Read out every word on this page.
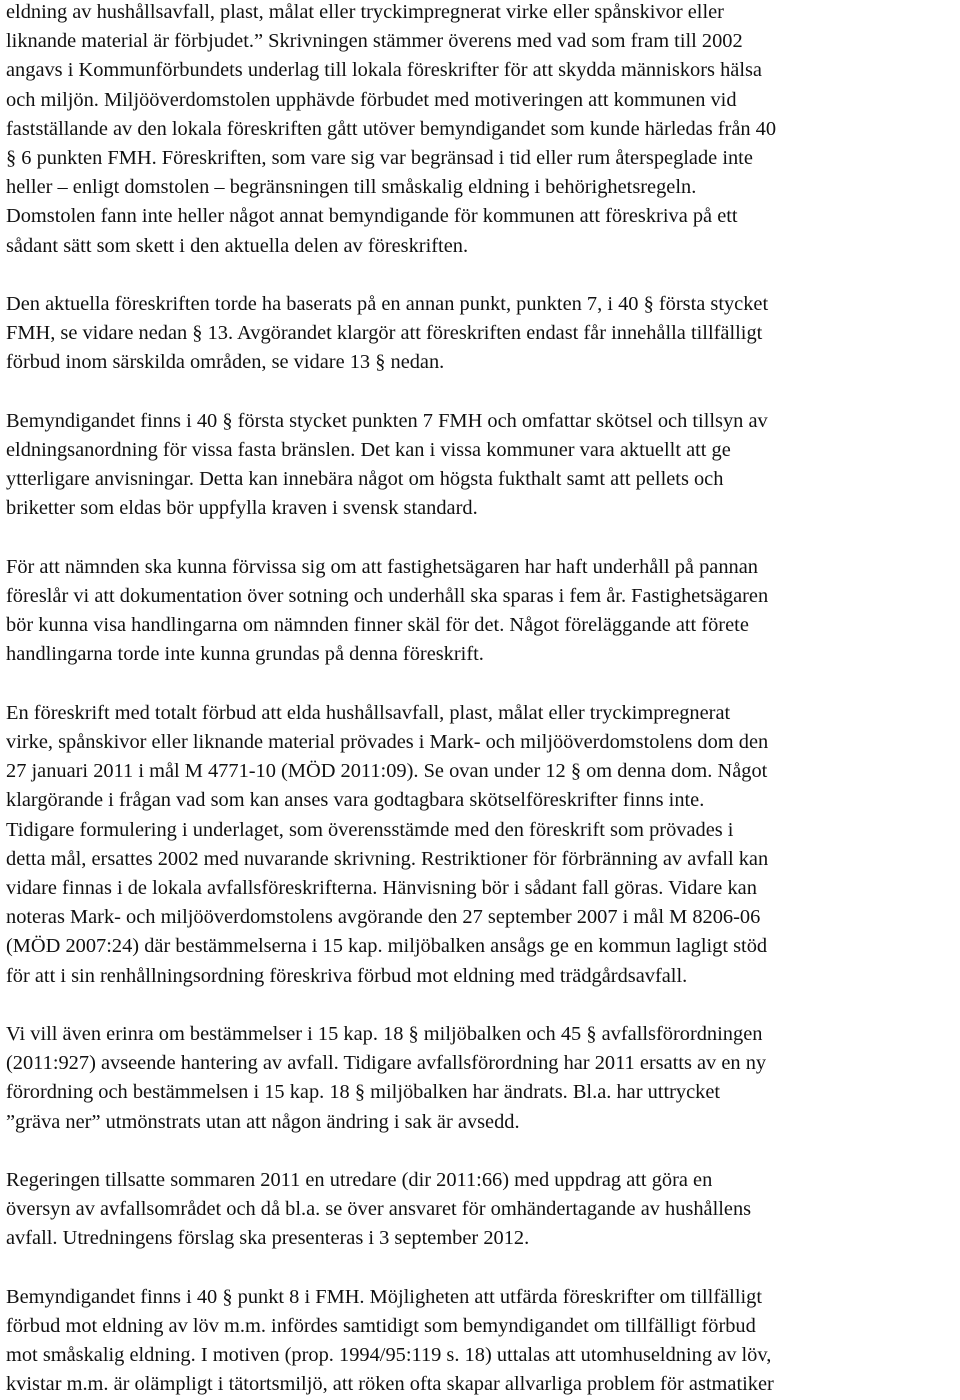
eldning av hushållsavfall, plast, målat eller tryckimpregnerat virke eller spånskivor eller
liknande material är förbjudet.” Skrivningen stämmer överens med vad som fram till 2002
angavs i Kommunförbundets underlag till lokala föreskrifter för att skydda människors hälsa
och miljön. Miljööverdomstolen upphävde förbudet med motiveringen att kommunen vid
fastställande av den lokala föreskriften gått utöver bemyndigandet som kunde härledas från 40
§ 6 punkten FMH. Föreskriften, som vare sig var begränsad i tid eller rum återspeglade inte
heller – enligt domstolen – begränsningen till småskalig eldning i behörighetsregeln.
Domstolen fann inte heller något annat bemyndigande för kommunen att föreskriva på ett
sådant sätt som skett i den aktuella delen av föreskriften.
Den aktuella föreskriften torde ha baserats på en annan punkt, punkten 7, i 40 § första stycket
FMH, se vidare nedan § 13. Avgörandet klargör att föreskriften endast får innehålla tillfälligt
förbud inom särskilda områden, se vidare 13 § nedan.
Bemyndigandet finns i 40 § första stycket punkten 7 FMH och omfattar skötsel och tillsyn av
eldningsanordning för vissa fasta bränslen. Det kan i vissa kommuner vara aktuellt att ge
ytterligare anvisningar. Detta kan innebära något om högsta fukthalt samt att pellets och
briketter som eldas bör uppfylla kraven i svensk standard.
För att nämnden ska kunna förvissa sig om att fastighetsägaren har haft underhåll på pannan
föreslår vi att dokumentation över sotning och underhåll ska sparas i fem år. Fastighetsägaren
bör kunna visa handlingarna om nämnden finner skäl för det. Något föreläggande att förete
handlingarna torde inte kunna grundas på denna föreskrift.
En föreskrift med totalt förbud att elda hushållsavfall, plast, målat eller tryckimpregnerat
virke, spånskivor eller liknande material prövades i Mark- och miljööverdomstolens dom den
27 januari 2011 i mål M 4771-10 (MÖD 2011:09). Se ovan under 12 § om denna dom. Något
klargörande i frågan vad som kan anses vara godtagbara skötselföreskrifter finns inte.
Tidigare formulering i underlaget, som överensstämde med den föreskrift som prövades i
detta mål, ersattes 2002 med nuvarande skrivning. Restriktioner för förbränning av avfall kan
vidare finnas i de lokala avfallsföreskrifterna. Hänvisning bör i sådant fall göras. Vidare kan
noteras Mark- och miljööverdomstolens avgörande den 27 september 2007 i mål M 8206-06
(MÖD 2007:24) där bestämmelserna i 15 kap. miljöbalken ansågs ge en kommun lagligt stöd
för att i sin renhållningsordning föreskriva förbud mot eldning med trädgårdsavfall.
Vi vill även erinra om bestämmelser i 15 kap. 18 § miljöbalken och 45 § avfallsförordningen
(2011:927) avseende hantering av avfall. Tidigare avfallsförordning har 2011 ersatts av en ny
förordning och bestämmelsen i 15 kap. 18 § miljöbalken har ändrats. Bl.a. har uttrycket
”gräva ner” utmönstrats utan att någon ändring i sak är avsedd.
Regeringen tillsatte sommaren 2011 en utredare (dir 2011:66) med uppdrag att göra en
översyn av avfallsområdet och då bl.a. se över ansvaret för omhändertagande av hushållens
avfall. Utredningens förslag ska presenteras i 3 september 2012.
Bemyndigandet finns i 40 § punkt 8 i FMH. Möjligheten att utfärda föreskrifter om tillfälligt
förbud mot eldning av löv m.m. infördes samtidigt som bemyndigandet om tillfälligt förbud
mot småskalig eldning. I motiven (prop. 1994/95:119 s. 18) uttalas att utomhuseldning av löv,
kvistar m.m. är olämpligt i tätortsmiljö, att röken ofta skapar allvarliga problem för astmatiker
